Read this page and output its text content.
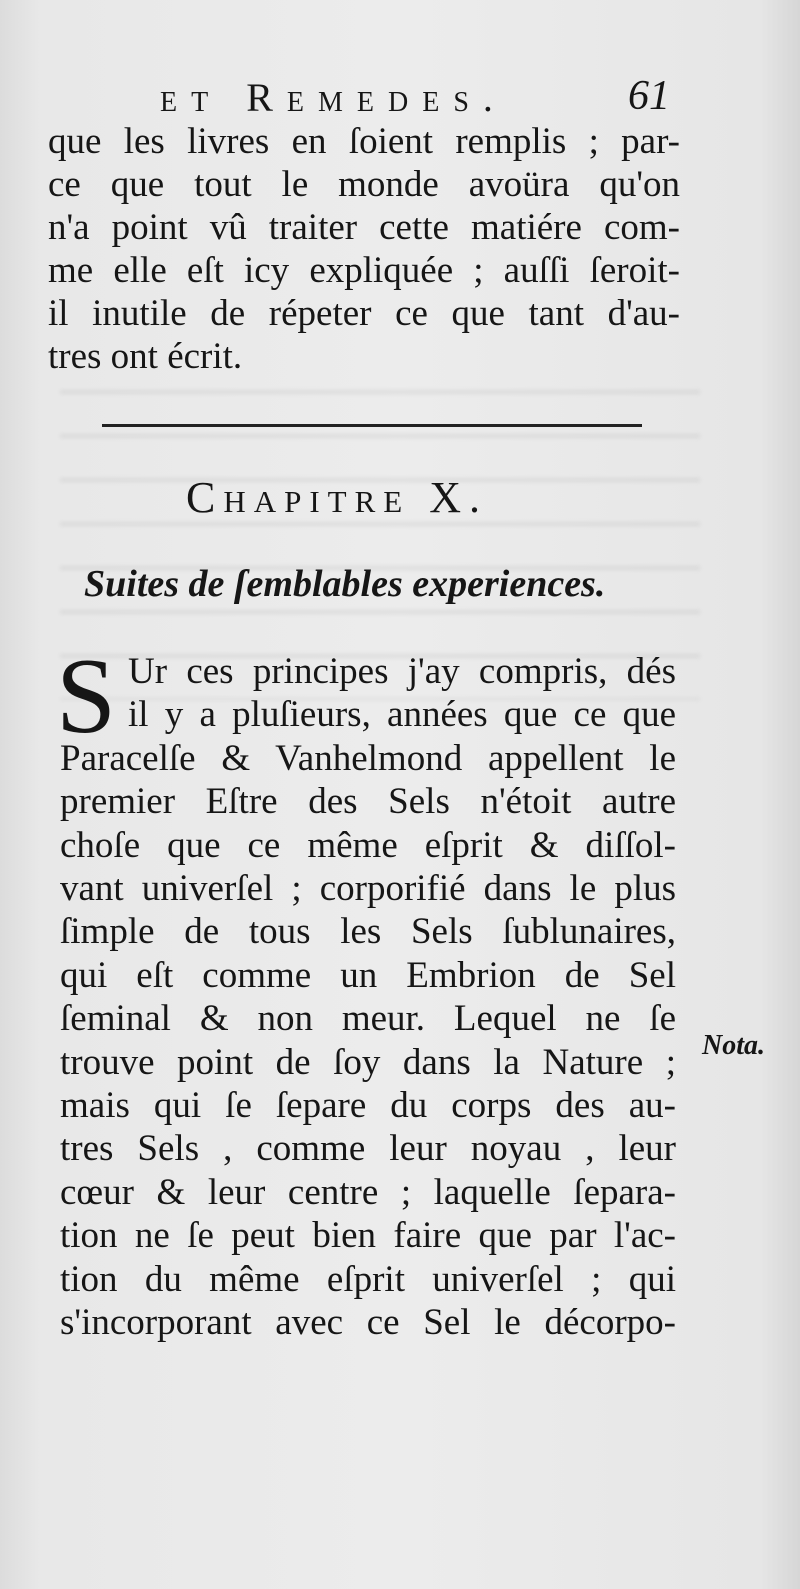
et Remedes.	61
que les livres en ſoient remplis ; par-
ce que tout le monde avoüra qu'on
n'a point vû traiter cette matiére com-
me elle eſt icy expliquée ; auſſi ſeroit-
il inutile de répeter ce que tant d'au-
tres ont écrit.
Chapitre X.
Suites de ſemblables experiences.
S Ur ces principes j'ay compris, dés
il y a pluſieurs, années que ce que
Paracelſe & Vanhelmond appellent le
premier Eſtre des Sels n'étoit autre
choſe que ce même eſprit & diſſol-
vant univerſel ; corporifié dans le plus
ſimple de tous les Sels ſublunaires,
qui eſt comme un Embrion de Sel
ſeminal & non meur. Lequel ne ſe
trouve point de ſoy dans la Nature ;
mais qui ſe ſepare du corps des au-
tres Sels , comme leur noyau , leur
cœur & leur centre ; laquelle ſepara-
tion ne ſe peut bien faire que par l'ac-
tion du même eſprit univerſel ; qui
s'incorporant avec ce Sel le décorpo-
Nota.
